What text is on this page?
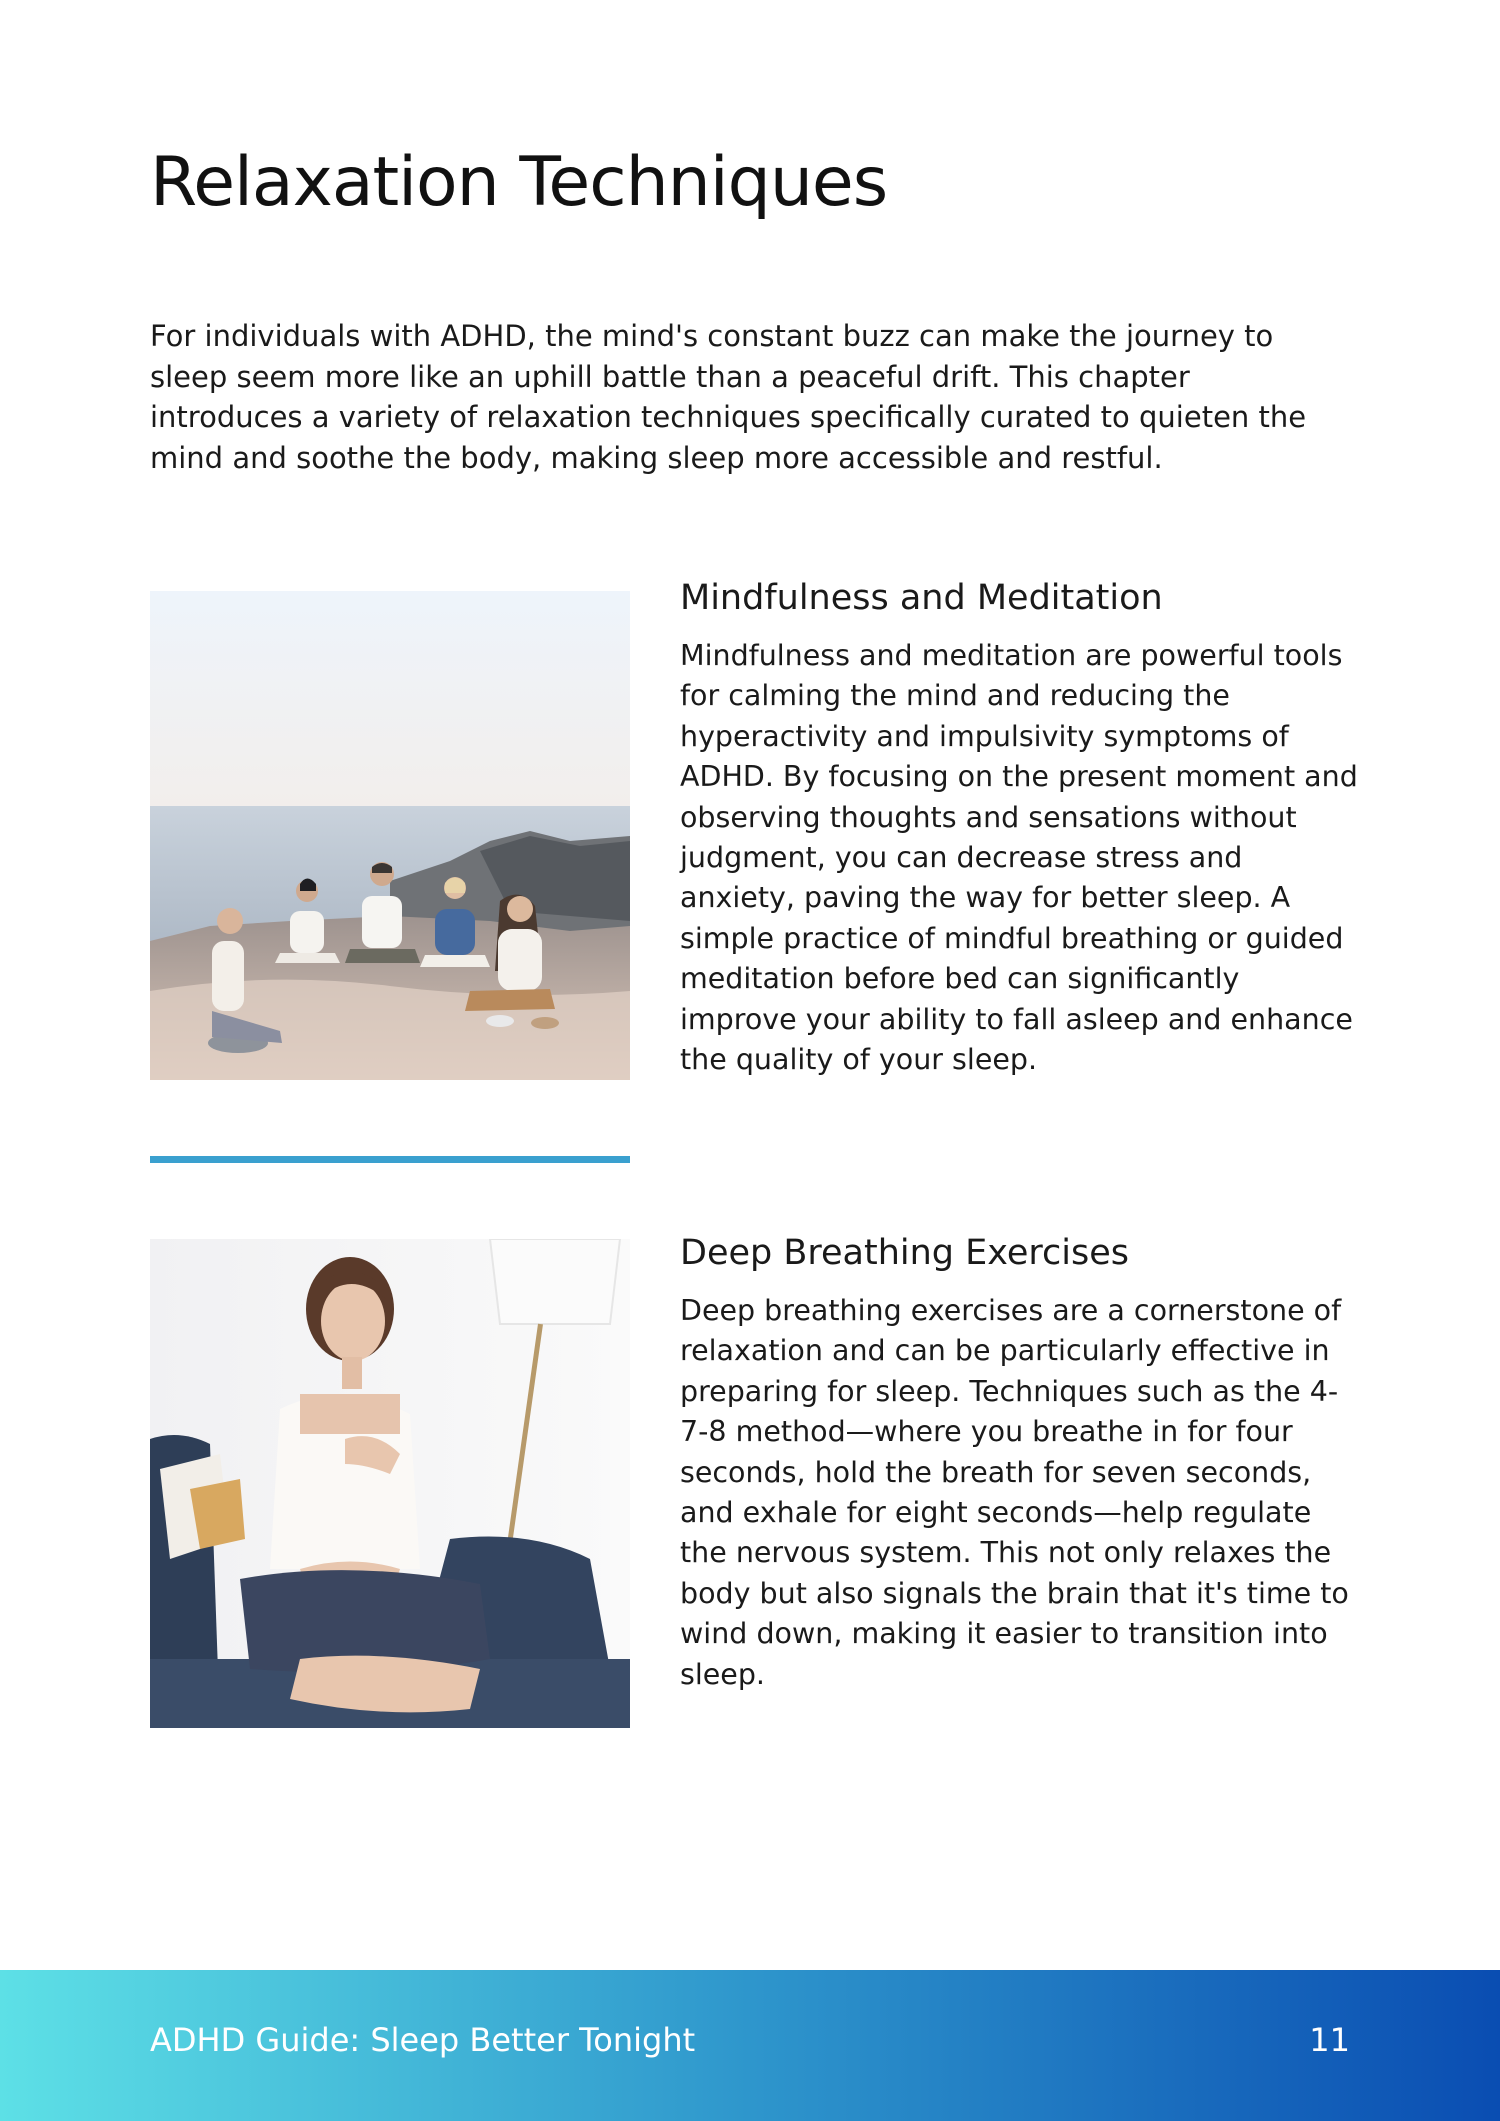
Relaxation Techniques

For individuals with ADHD, the mind's constant buzz can make the journey to sleep seem more like an uphill battle than a peaceful drift. This chapter introduces a variety of relaxation techniques specifically curated to quieten the mind and soothe the body, making sleep more accessible and restful.

Mindfulness and Meditation

Mindfulness and meditation are powerful tools for calming the mind and reducing the hyperactivity and impulsivity symptoms of ADHD. By focusing on the present moment and observing thoughts and sensations without judgment, you can decrease stress and anxiety, paving the way for better sleep. A simple practice of mindful breathing or guided meditation before bed can significantly improve your ability to fall asleep and enhance the quality of your sleep.

Deep Breathing Exercises

Deep breathing exercises are a cornerstone of relaxation and can be particularly effective in preparing for sleep. Techniques such as the 4-7-8 method—where you breathe in for four seconds, hold the breath for seven seconds, and exhale for eight seconds—help regulate the nervous system. This not only relaxes the body but also signals the brain that it's time to wind down, making it easier to transition into sleep.

ADHD Guide: Sleep Better Tonight	11
